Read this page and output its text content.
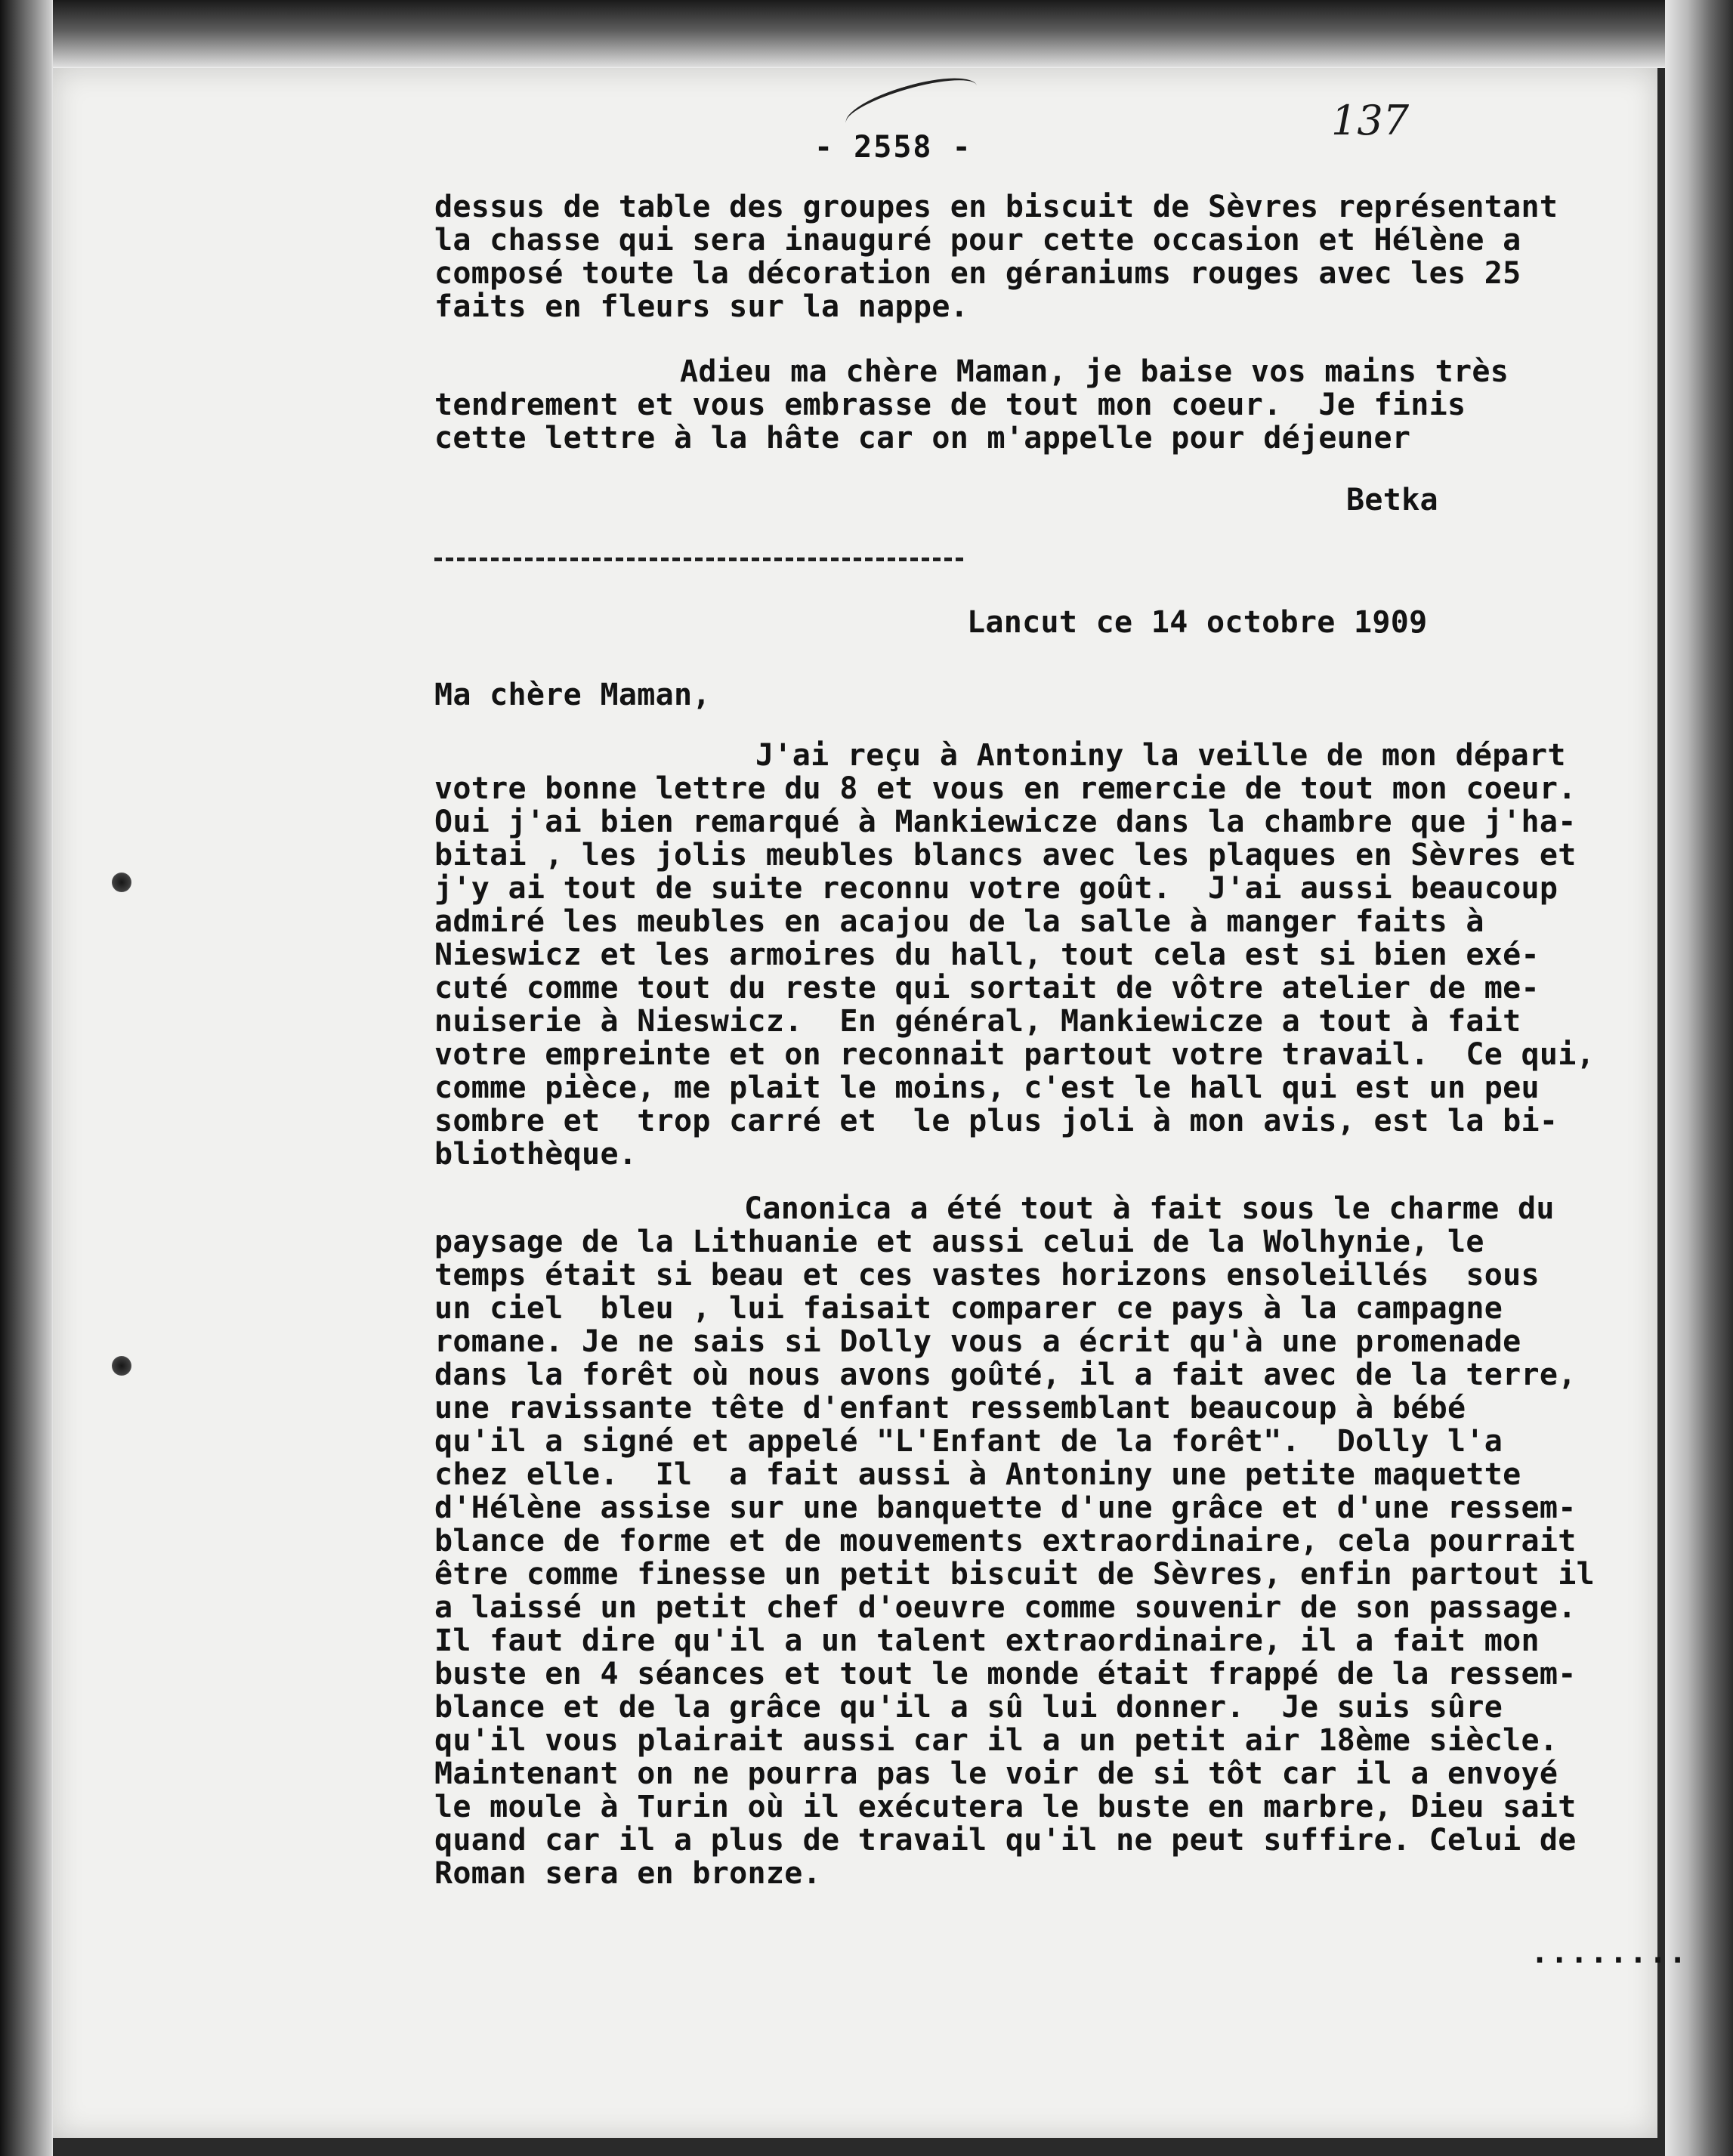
- 2558 -
137
dessus de table des groupes en biscuit de Sèvres représentant
la chasse qui sera inauguré pour cette occasion et Hélène a
composé toute la décoration en géraniums rouges avec les 25
faits en fleurs sur la nappe.
Adieu ma chère Maman, je baise vos mains très
tendrement et vous embrasse de tout mon coeur.  Je finis
cette lettre à la hâte car on m'appelle pour déjeuner
Betka
Lancut ce 14 octobre 1909
Ma chère Maman,
J'ai reçu à Antoniny la veille de mon départ
votre bonne lettre du 8 et vous en remercie de tout mon coeur.
Oui j'ai bien remarqué à Mankiewicze dans la chambre que j'ha-
bitai , les jolis meubles blancs avec les plaques en Sèvres et
j'y ai tout de suite reconnu votre goût.  J'ai aussi beaucoup
admiré les meubles en acajou de la salle à manger faits à
Nieswicz et les armoires du hall, tout cela est si bien exé-
cuté comme tout du reste qui sortait de vôtre atelier de me-
nuiserie à Nieswicz.  En général, Mankiewicze a tout à fait
votre empreinte et on reconnait partout votre travail.  Ce qui,
comme pièce, me plait le moins, c'est le hall qui est un peu
sombre et  trop carré et  le plus joli à mon avis, est la bi-
bliothèque.
Canonica a été tout à fait sous le charme du
paysage de la Lithuanie et aussi celui de la Wolhynie, le
temps était si beau et ces vastes horizons ensoleillés  sous
un ciel  bleu , lui faisait comparer ce pays à la campagne
romane. Je ne sais si Dolly vous a écrit qu'à une promenade
dans la forêt où nous avons goûté, il a fait avec de la terre,
une ravissante tête d'enfant ressemblant beaucoup à bébé
qu'il a signé et appelé "L'Enfant de la forêt".  Dolly l'a
chez elle.  Il  a fait aussi à Antoniny une petite maquette
d'Hélène assise sur une banquette d'une grâce et d'une ressem-
blance de forme et de mouvements extraordinaire, cela pourrait
être comme finesse un petit biscuit de Sèvres, enfin partout il
a laissé un petit chef d'oeuvre comme souvenir de son passage.
Il faut dire qu'il a un talent extraordinaire, il a fait mon
buste en 4 séances et tout le monde était frappé de la ressem-
blance et de la grâce qu'il a sû lui donner.  Je suis sûre
qu'il vous plairait aussi car il a un petit air 18ème siècle.
Maintenant on ne pourra pas le voir de si tôt car il a envoyé
le moule à Turin où il exécutera le buste en marbre, Dieu sait
quand car il a plus de travail qu'il ne peut suffire. Celui de
Roman sera en bronze.
........
